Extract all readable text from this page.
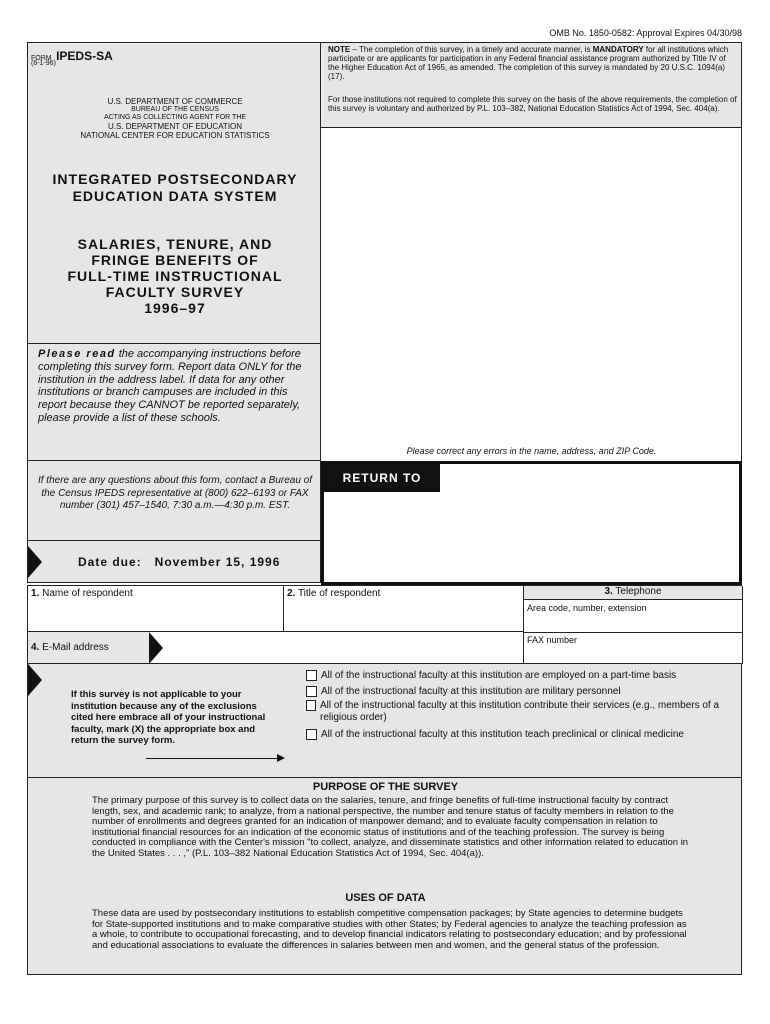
OMB No. 1850-0582: Approval Expires 04/30/98
FORM IPEDS-SA
(6-1-96)
U.S. DEPARTMENT OF COMMERCE
BUREAU OF THE CENSUS
ACTING AS COLLECTING AGENT FOR THE
U.S. DEPARTMENT OF EDUCATION
NATIONAL CENTER FOR EDUCATION STATISTICS
INTEGRATED POSTSECONDARY
EDUCATION DATA SYSTEM
SALARIES, TENURE, AND
FRINGE BENEFITS OF
FULL-TIME INSTRUCTIONAL
FACULTY SURVEY
1996–97

Please read the accompanying instructions before completing this survey form. Report data ONLY for the institution in the address label. If data for any other institutions or branch campuses are included in this report because they CANNOT be reported separately, please provide a list of these schools.

If there are any questions about this form, contact a Bureau of the Census IPEDS representative at (800) 622–6193 or FAX number (301) 457–1540, 7:30 a.m.—4:30 p.m. EST.

Date due:   November 15, 1996

NOTE – The completion of this survey, in a timely and accurate manner, is MANDATORY for all institutions which participate or are applicants for participation in any Federal financial assistance program authorized by Title IV of the Higher Education Act of 1965, as amended. The completion of this survey is mandated by 20 U.S.C. 1094(a)(17).

For those institutions not required to complete this survey on the basis of the above requirements, the completion of this survey is voluntary and authorized by P.L. 103–382, National Education Statistics Act of 1994, Sec. 404(a).

Please correct any errors in the name, address, and ZIP Code.
RETURN TO
1. Name of respondent	2. Title of respondent	3. Telephone
Area code, number, extension
FAX number
4. E-Mail address

If this survey is not applicable to your institution because any of the exclusions cited here embrace all of your instructional faculty, mark (X) the appropriate box and return the survey form.

All of the instructional faculty at this institution are employed on a part-time basis
All of the instructional faculty at this institution are military personnel
All of the instructional faculty at this institution contribute their services (e.g., members of a religious order)
All of the instructional faculty at this institution teach preclinical or clinical medicine
PURPOSE OF THE SURVEY

The primary purpose of this survey is to collect data on the salaries, tenure, and fringe benefits of full-time instructional faculty by contract length, sex, and academic rank; to analyze, from a national perspective, the number and tenure status of faculty members in relation to the number of enrollments and degrees granted for an indication of manpower demand; and to evaluate faculty compensation in relation to institutional financial resources for an indication of the economic status of institutions and of the teaching profession. The survey is being conducted in compliance with the Center's mission "to collect, analyze, and disseminate statistics and other information related to education in the United States . . . ," (P.L. 103–382 National Education Statistics Act of 1994, Sec. 404(a)).

USES OF DATA

These data are used by postsecondary institutions to establish competitive compensation packages; by State agencies to determine budgets for State-supported institutions and to make comparative studies with other States; by Federal agencies to analyze the teaching profession as a whole, to contribute to occupational forecasting, and to develop financial indicators relating to postsecondary education; and by professional and educational associations to evaluate the differences in salaries between men and women, and the general status of the profession.
